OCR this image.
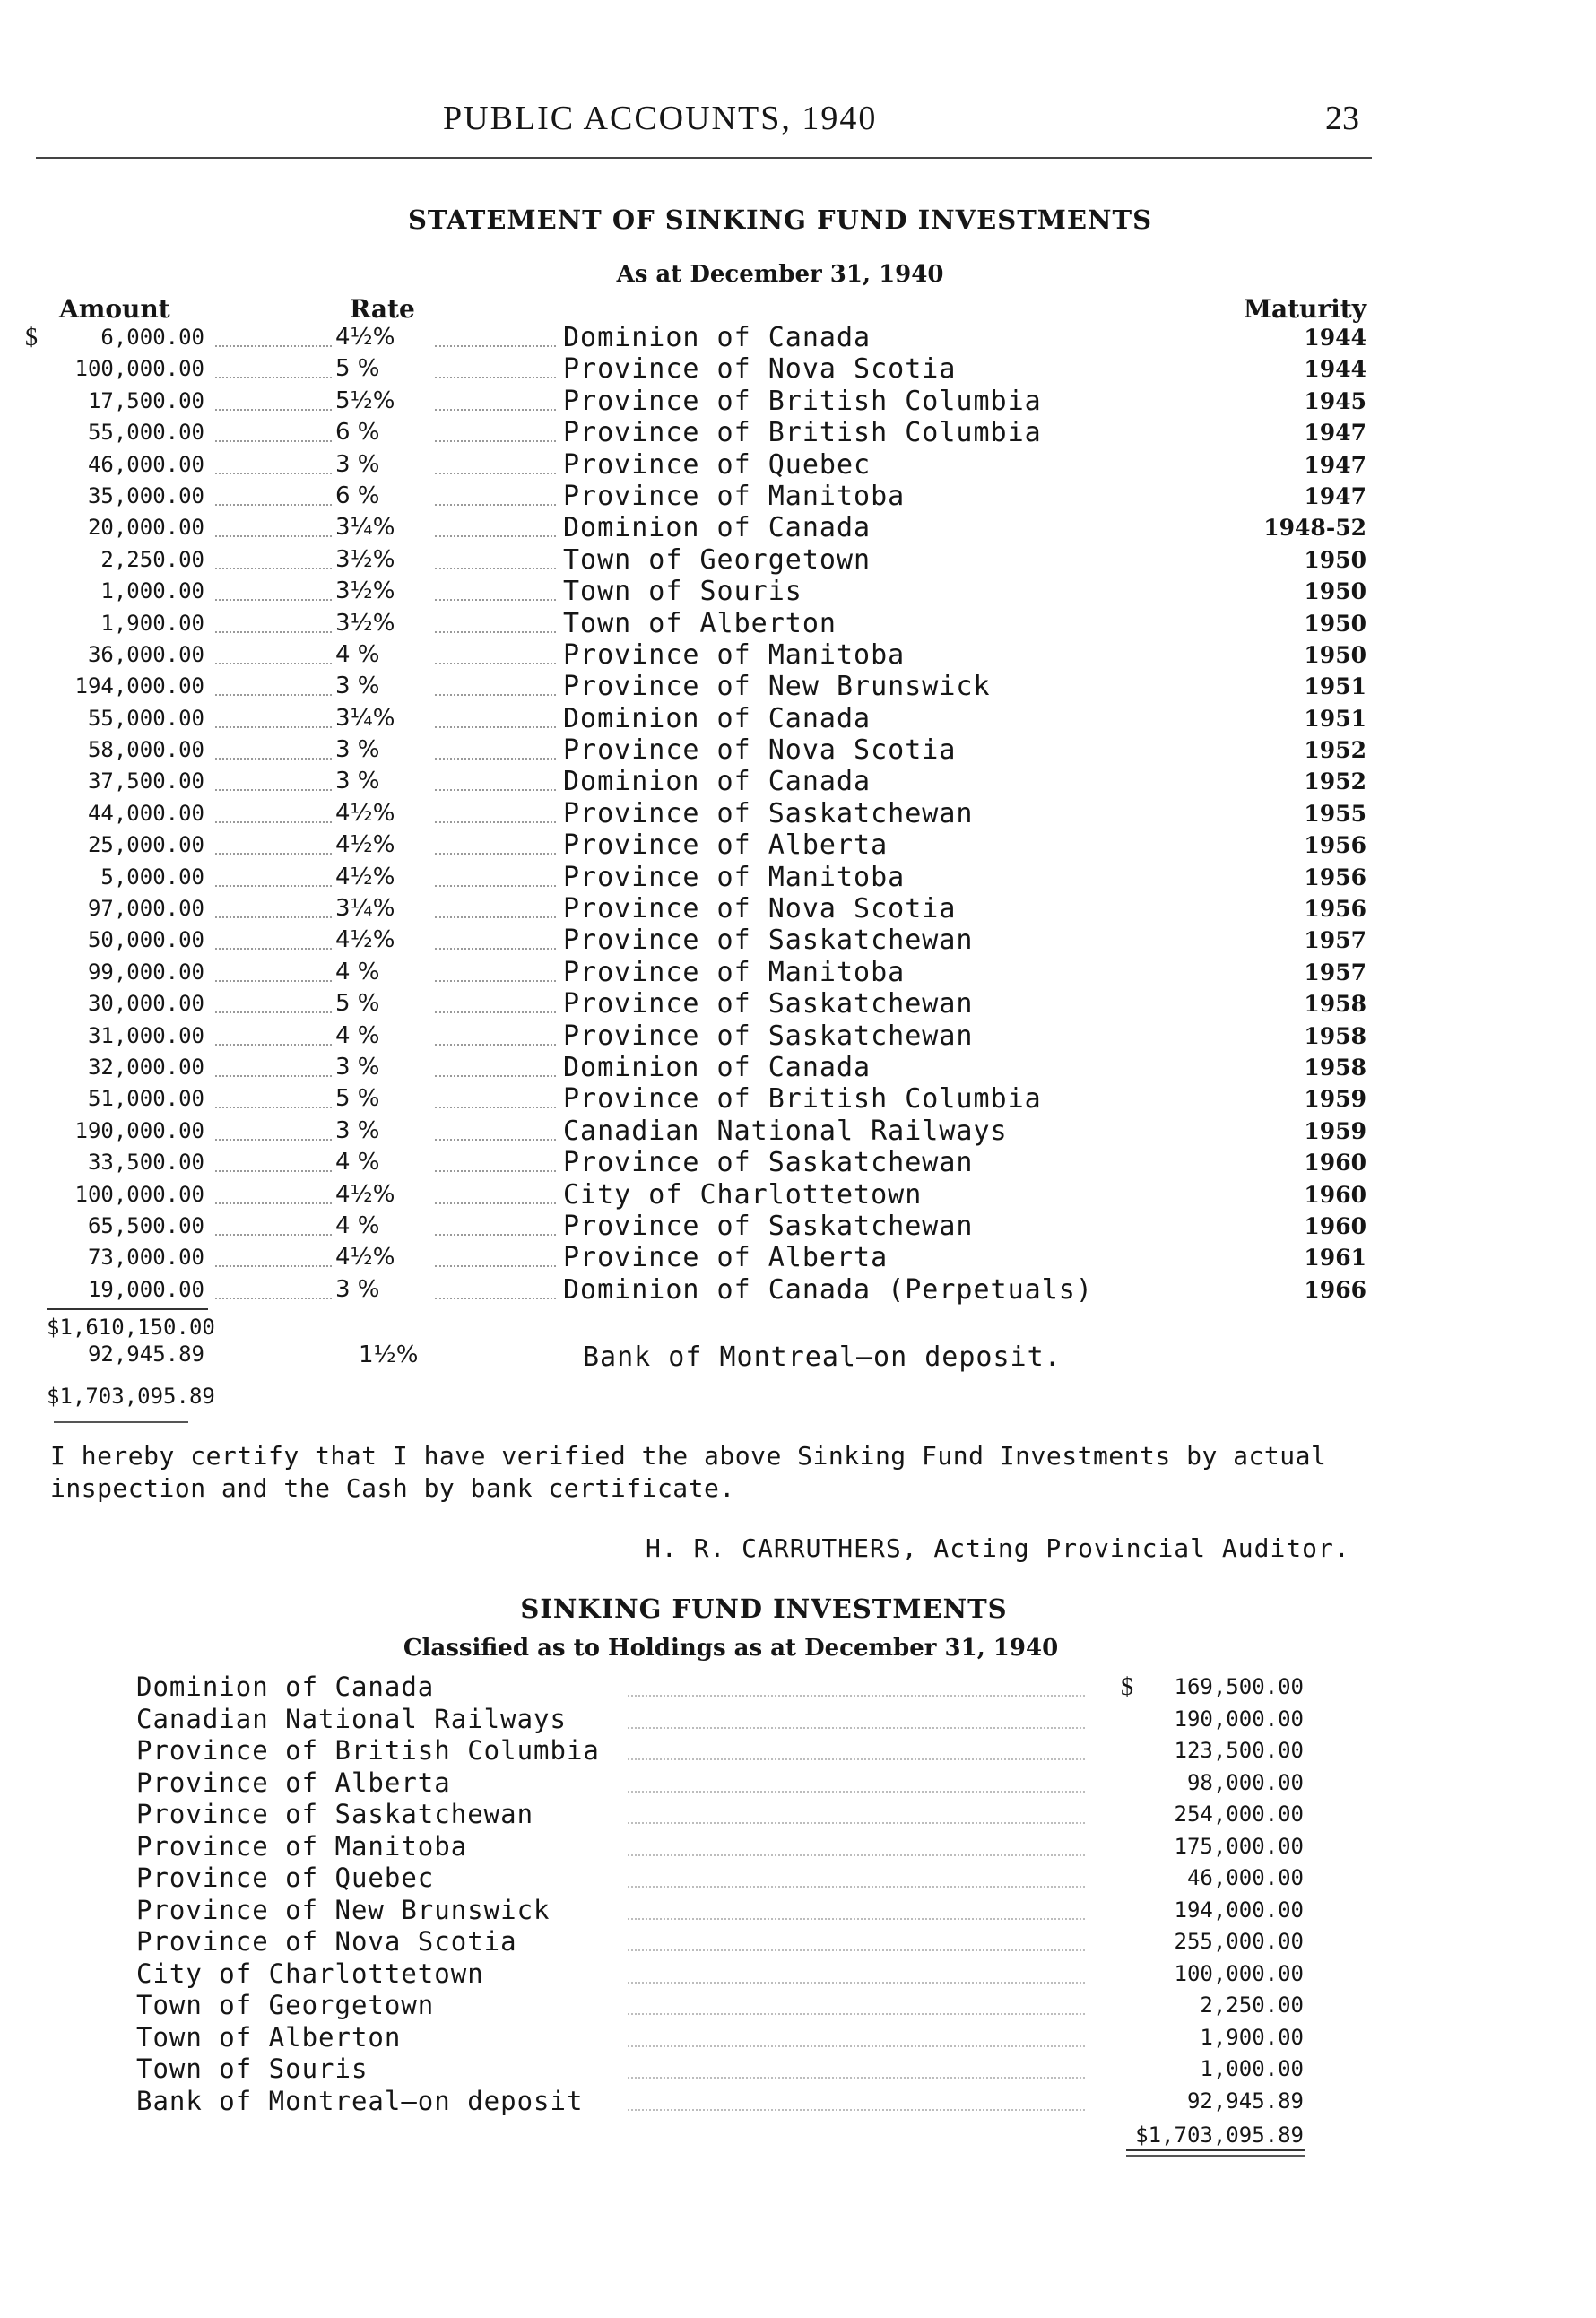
PUBLIC ACCOUNTS, 1940	23
STATEMENT OF SINKING FUND INVESTMENTS
As at December 31, 1940
Amount	Rate	Maturity
$	6,000.00	4½%	Dominion of Canada	1944
100,000.00	5 %	Province of Nova Scotia	1944
17,500.00	5½%	Province of British Columbia	1945
55,000.00	6 %	Province of British Columbia	1947
46,000.00	3 %	Province of Quebec	1947
35,000.00	6 %	Province of Manitoba	1947
20,000.00	3¼%	Dominion of Canada	1948-52
2,250.00	3½%	Town of Georgetown	1950
1,000.00	3½%	Town of Souris	1950
1,900.00	3½%	Town of Alberton	1950
36,000.00	4 %	Province of Manitoba	1950
194,000.00	3 %	Province of New Brunswick	1951
55,000.00	3¼%	Dominion of Canada	1951
58,000.00	3 %	Province of Nova Scotia	1952
37,500.00	3 %	Dominion of Canada	1952
44,000.00	4½%	Province of Saskatchewan	1955
25,000.00	4½%	Province of Alberta	1956
5,000.00	4½%	Province of Manitoba	1956
97,000.00	3¼%	Province of Nova Scotia	1956
50,000.00	4½%	Province of Saskatchewan	1957
99,000.00	4 %	Province of Manitoba	1957
30,000.00	5 %	Province of Saskatchewan	1958
31,000.00	4 %	Province of Saskatchewan	1958
32,000.00	3 %	Dominion of Canada	1958
51,000.00	5 %	Province of British Columbia	1959
190,000.00	3 %	Canadian National Railways	1959
33,500.00	4 %	Province of Saskatchewan	1960
100,000.00	4½%	City of Charlottetown	1960
65,500.00	4 %	Province of Saskatchewan	1960
73,000.00	4½%	Province of Alberta	1961
19,000.00	3 %	Dominion of Canada (Perpetuals)	1966
$1,610,150.00
92,945.89	1½%	Bank of Montreal—on deposit.
$1,703,095.89
I hereby certify that I have verified the above Sinking Fund Investments by actual inspection and the Cash by bank certificate.
H. R. CARRUTHERS, Acting Provincial Auditor.
SINKING FUND INVESTMENTS
Classified as to Holdings as at December 31, 1940
Dominion of Canada	$ 169,500.00
Canadian National Railways	190,000.00
Province of British Columbia	123,500.00
Province of Alberta	98,000.00
Province of Saskatchewan	254,000.00
Province of Manitoba	175,000.00
Province of Quebec	46,000.00
Province of New Brunswick	194,000.00
Province of Nova Scotia	255,000.00
City of Charlottetown	100,000.00
Town of Georgetown	2,250.00
Town of Alberton	1,900.00
Town of Souris	1,000.00
Bank of Montreal—on deposit	92,945.89
$1,703,095.89
